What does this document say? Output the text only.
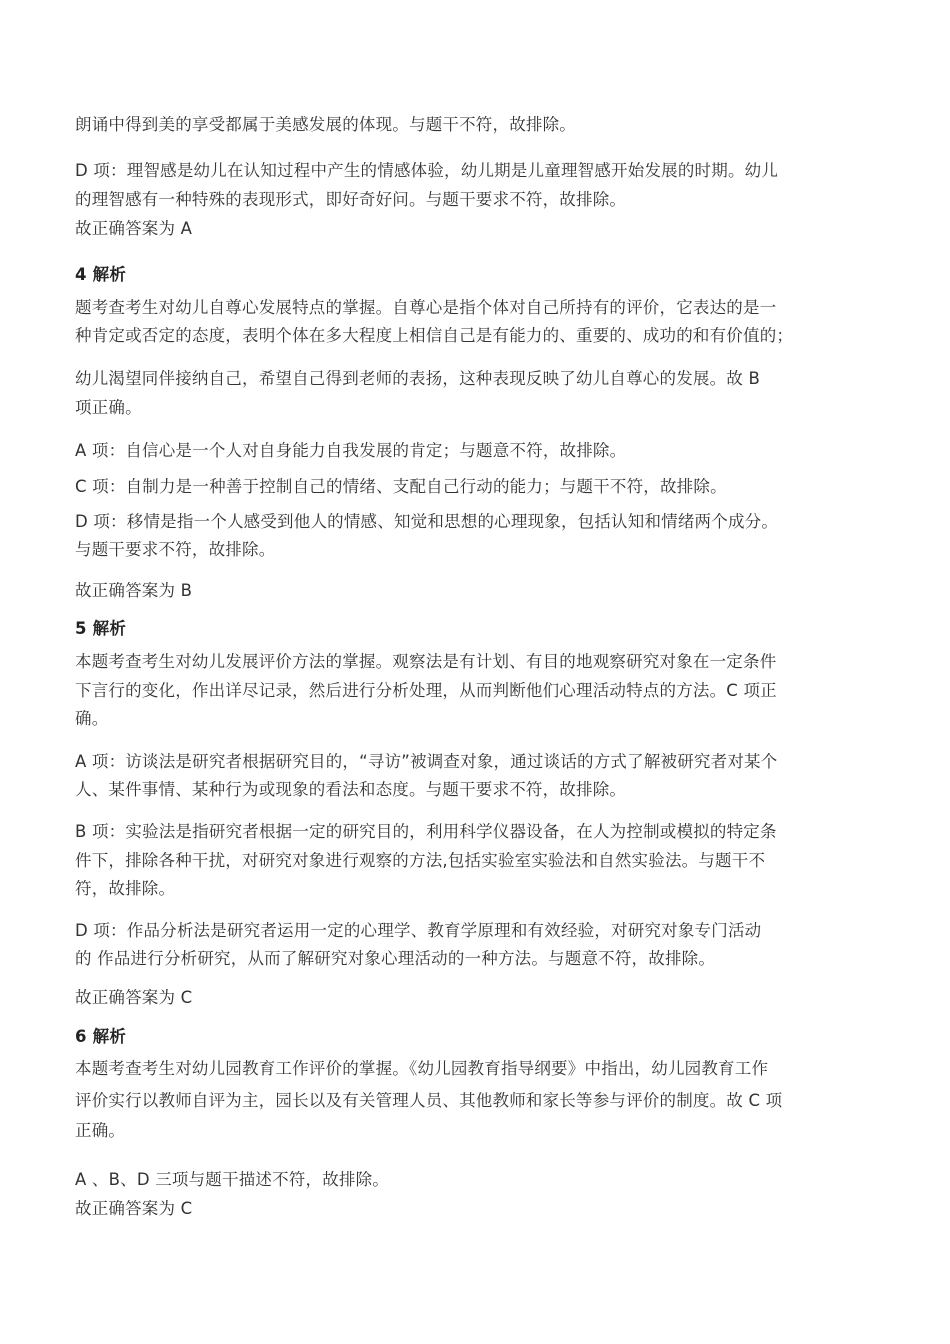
朗诵中得到美的享受都属于美感发展的体现。与题干不符，故排除。
D 项：理智感是幼儿在认知过程中产生的情感体验，幼儿期是儿童理智感开始发展的时期。幼儿
的理智感有一种特殊的表现形式，即好奇好问。与题干要求不符，故排除。
故正确答案为 A
4 解析
题考查考生对幼儿自尊心发展特点的掌握。自尊心是指个体对自己所持有的评价，它表达的是一
种肯定或否定的态度，表明个体在多大程度上相信自己是有能力的、重要的、成功的和有价值的；
幼儿渴望同伴接纳自己，希望自己得到老师的表扬，这种表现反映了幼儿自尊心的发展。故 B
项正确。
A 项：自信心是一个人对自身能力自我发展的肯定；与题意不符，故排除。
C 项：自制力是一种善于控制自己的情绪、支配自己行动的能力；与题干不符，故排除。
D 项：移情是指一个人感受到他人的情感、知觉和思想的心理现象，包括认知和情绪两个成分。
与题干要求不符，故排除。
故正确答案为 B
5 解析
本题考查考生对幼儿发展评价方法的掌握。观察法是有计划、有目的地观察研究对象在一定条件
下言行的变化，作出详尽记录，然后进行分析处理，从而判断他们心理活动特点的方法。C 项正
确。
A 项：访谈法是研究者根据研究目的，“寻访”被调查对象，通过谈话的方式了解被研究者对某个
人、某件事情、某种行为或现象的看法和态度。与题干要求不符，故排除。
B 项：实验法是指研究者根据一定的研究目的，利用科学仪器设备，在人为控制或模拟的特定条
件下，排除各种干扰，对研究对象进行观察的方法,包括实验室实验法和自然实验法。与题干不
符，故排除。
D 项：作品分析法是研究者运用一定的心理学、教育学原理和有效经验，对研究对象专门活动
的 作品进行分析研究，从而了解研究对象心理活动的一种方法。与题意不符，故排除。
故正确答案为 C
6 解析
本题考查考生对幼儿园教育工作评价的掌握。《幼儿园教育指导纲要》中指出，幼儿园教育工作
评价实行以教师自评为主，园长以及有关管理人员、其他教师和家长等参与评价的制度。故 C 项
正确。
A 、B、D 三项与题干描述不符，故排除。
故正确答案为 C
